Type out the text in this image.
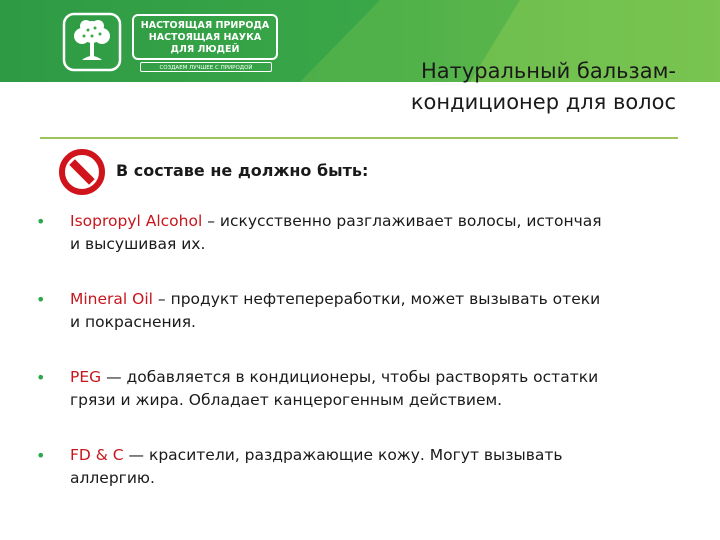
НАСТОЯЩАЯ ПРИРОДА
НАСТОЯЩАЯ НАУКА
ДЛЯ ЛЮДЕЙ
СОЗДАЕМ ЛУЧШЕЕ С ПРИРОДОЙ	Натуральный бальзам-
кондиционер для волос
В составе не должно быть:
• Isopropyl Alcohol – искусственно разглаживает волосы, истончая
и высушивая их.
• Mineral Oil – продукт нефтепереработки, может вызывать отеки
и покраснения.
• PEG — добавляется в кондиционеры, чтобы растворять остатки
грязи и жира. Обладает канцерогенным действием.
• FD & C — красители, раздражающие кожу. Могут вызывать
аллергию.
